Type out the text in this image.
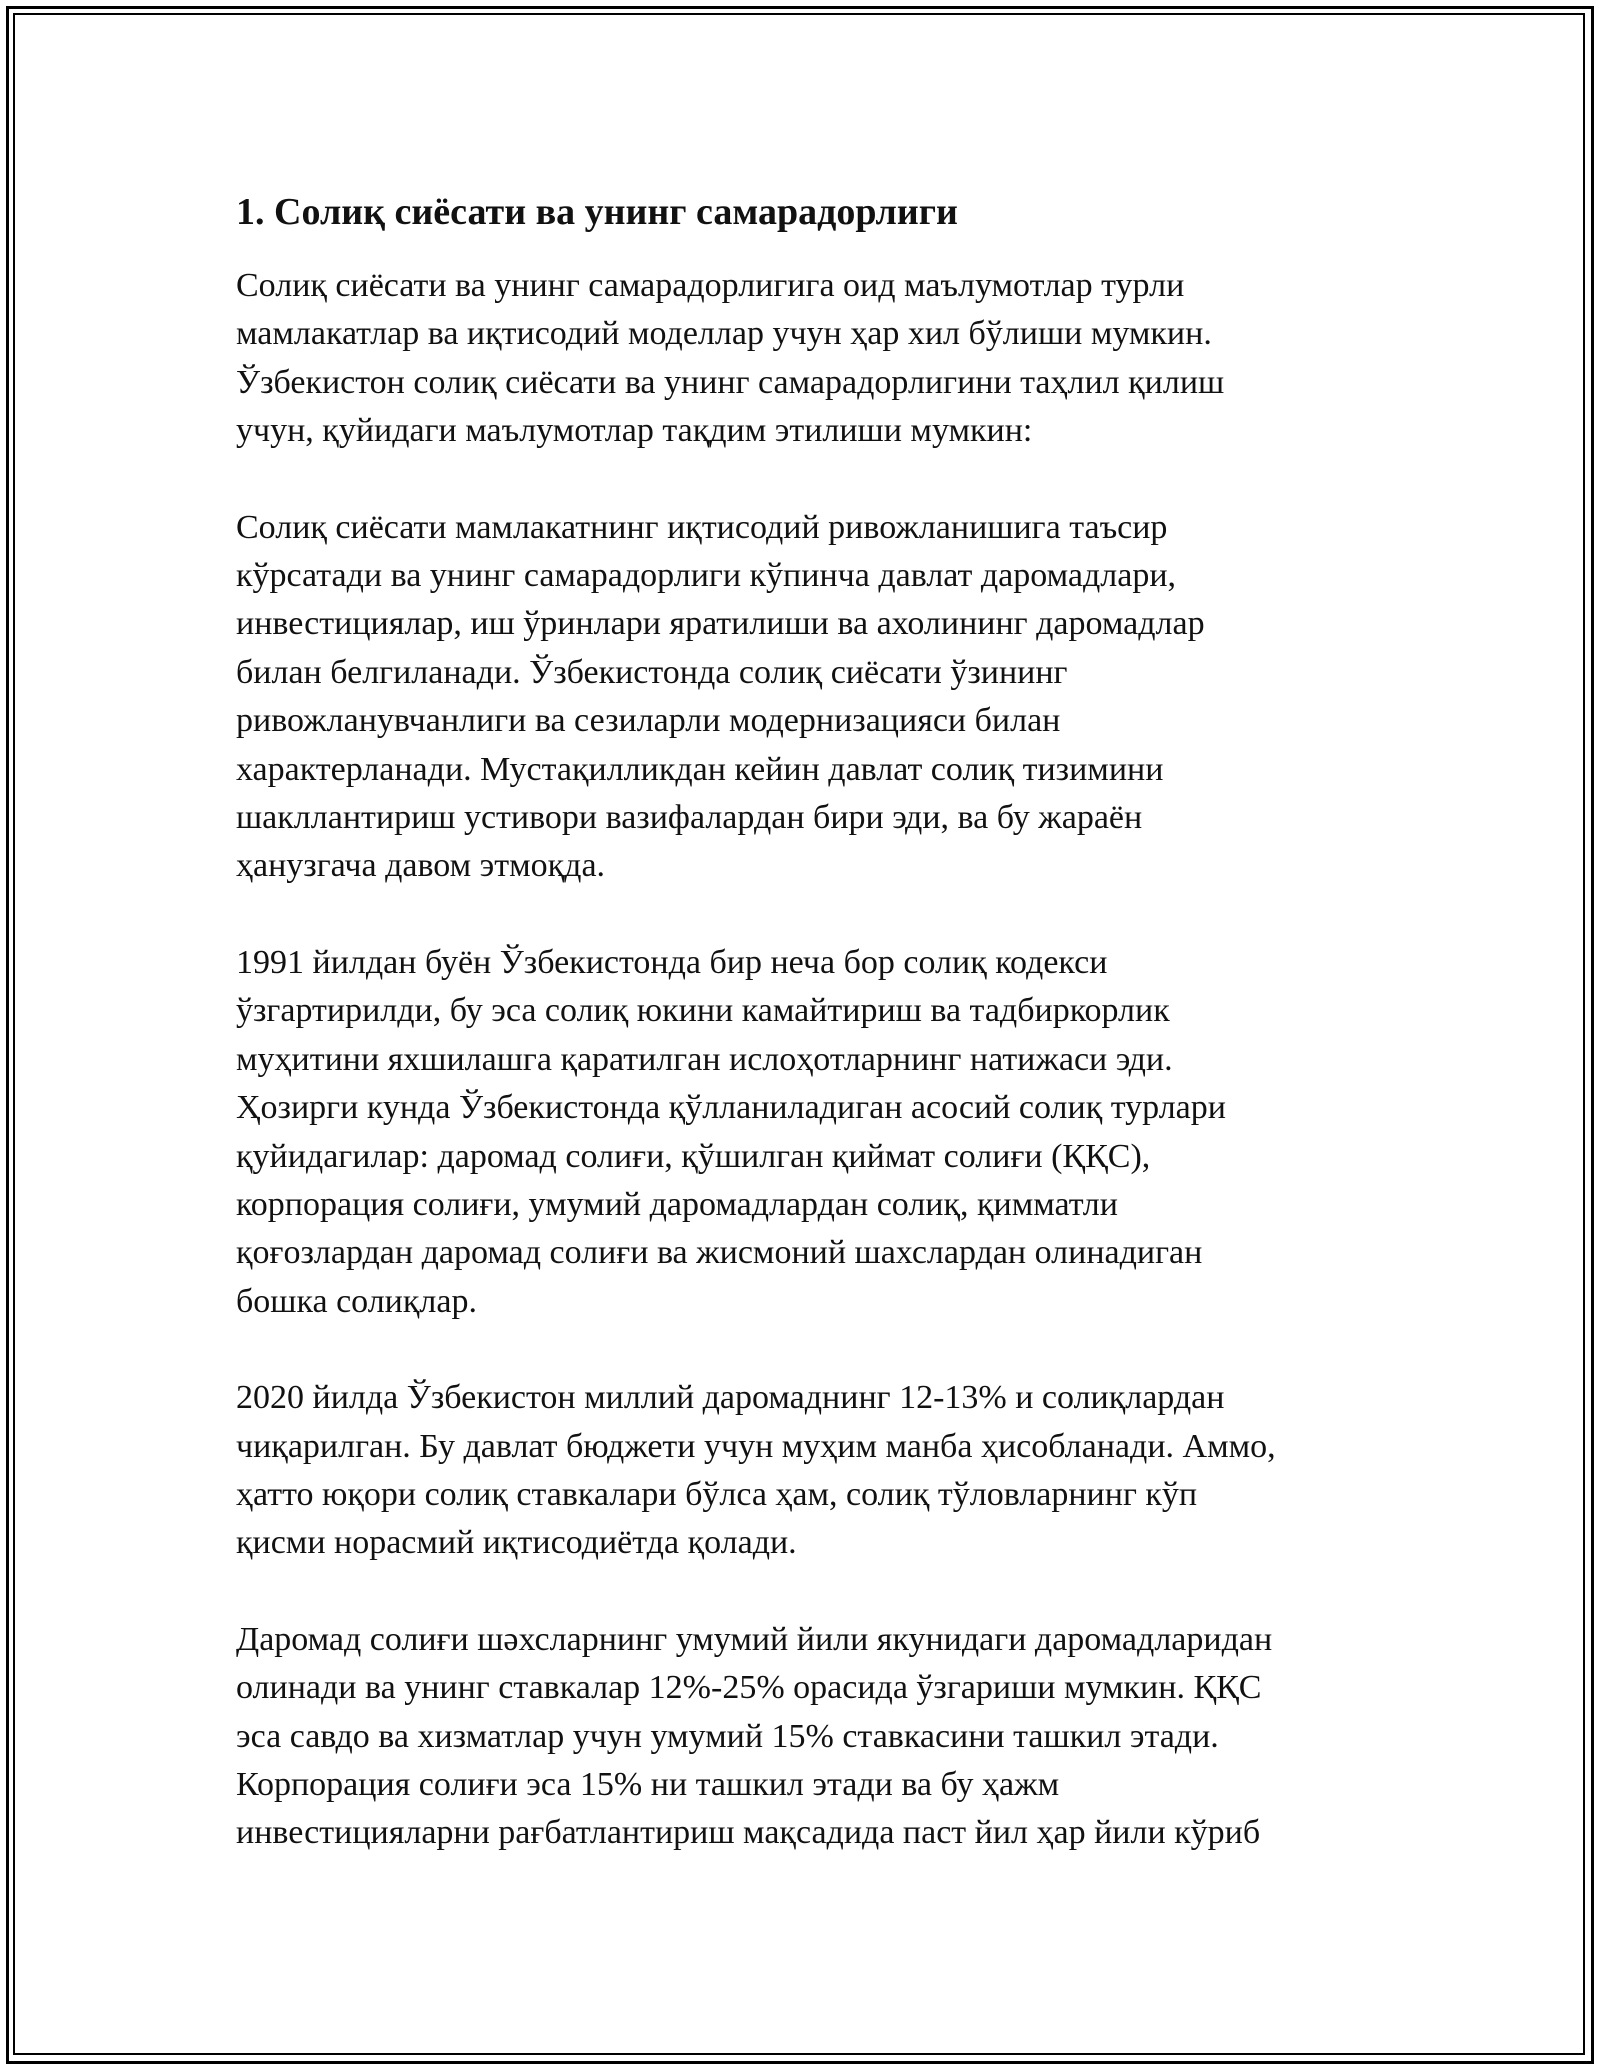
1. Солиқ сиёсати ва унинг самарадорлиги

Солиқ сиёсати ва унинг самарадорлигига оид маълумотлар турли
мамлакатлар ва иқтисодий моделлар учун ҳар хил бўлиши мумкин.
Ўзбекистон солиқ сиёсати ва унинг самарадорлигини таҳлил қилиш
учун, қуйидаги маълумотлар тақдим этилиши мумкин:

Солиқ сиёсати мамлакатнинг иқтисодий ривожланишига таъсир
кўрсатади ва унинг самарадорлиги кўпинча давлат даромадлари,
инвестициялар, иш ўринлари яратилиши ва ахолининг даромадлар
билан белгиланади. Ўзбекистонда солиқ сиёсати ўзининг
ривожланувчанлиги ва сезиларли модернизацияси билан
характерланади. Мустақилликдан кейин давлат солиқ тизимини
шакллантириш устивори вазифалардан бири эди, ва бу жараён
ҳанузгача давом этмоқда.

1991 йилдан буён Ўзбекистонда бир неча бор солиқ кодекси
ўзгартирилди, бу эса солиқ юкини камайтириш ва тадбиркорлик
муҳитини яхшилашга қаратилган ислоҳотларнинг натижаси эди.
Ҳозирги кунда Ўзбекистонда қўлланиладиган асосий солиқ турлари
қуйидагилар: даромад солиғи, қўшилган қиймат солиғи (ҚҚС),
корпорация солиғи, умумий даромадлардан солиқ, қимматли
қоғозлардан даромад солиғи ва жисмоний шахслардан олинадиган
бошка солиқлар.

2020 йилда Ўзбекистон миллий даромаднинг 12-13% и солиқлардан
чиқарилган. Бу давлат бюджети учун муҳим манба ҳисобланади. Аммо,
ҳатто юқори солиқ ставкалари бўлса ҳам, солиқ тўловларнинг кўп
қисми норасмий иқтисодиётда қолади.

Даромад солиғи шәхсларнинг умумий йили якунидаги даромадларидан
олинади ва унинг ставкалар 12%-25% орасида ўзгариши мумкин. ҚҚС
эса савдо ва хизматлар учун умумий 15% ставкасини ташкил этади.
Корпорация солиғи эса 15% ни ташкил этади ва бу ҳажм
инвестицияларни рағбатлантириш мақсадида паст йил ҳар йили кўриб
